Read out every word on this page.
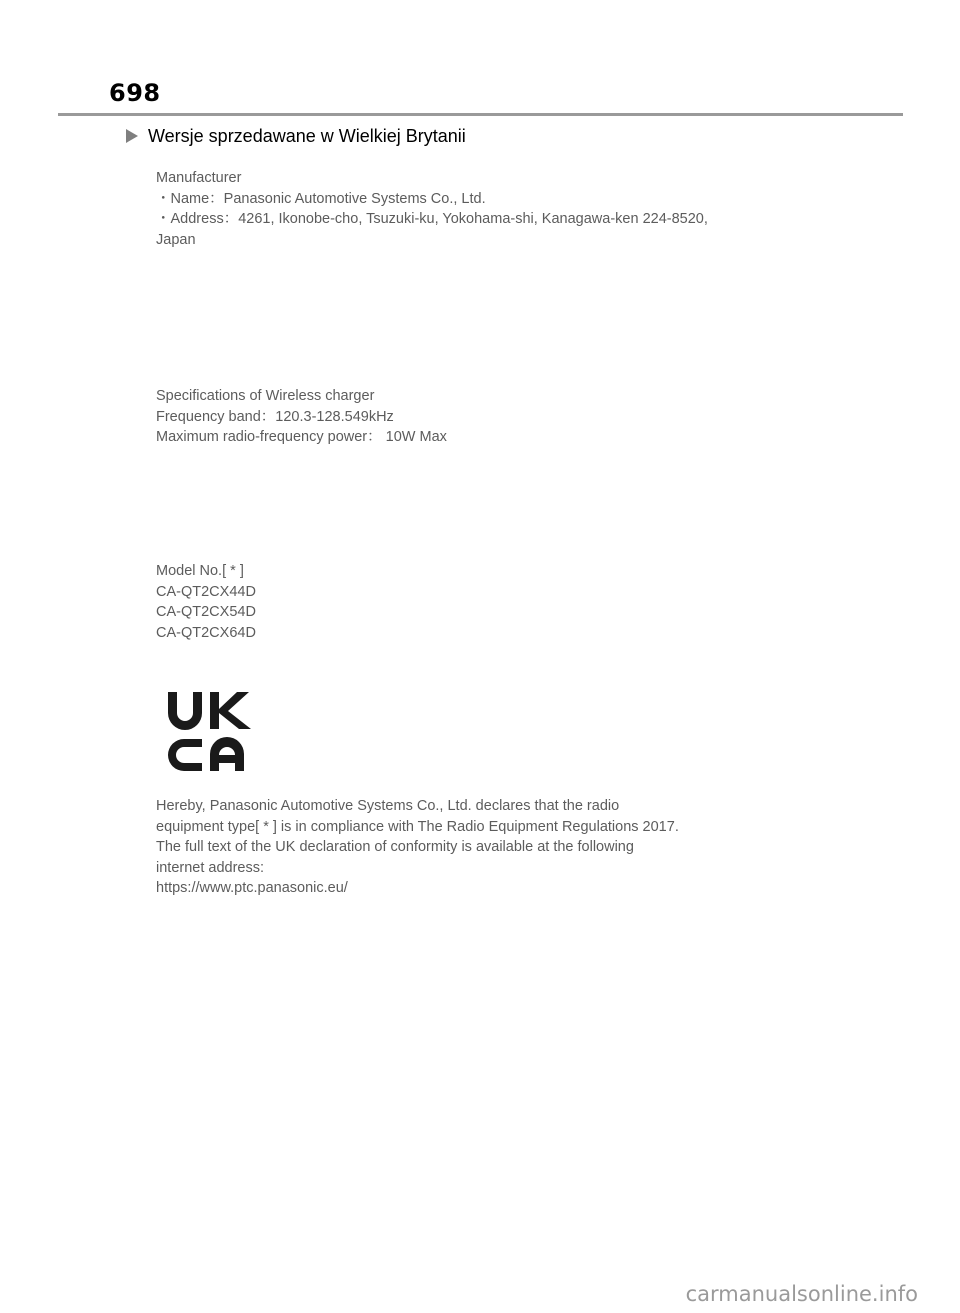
698
Wersje sprzedawane w Wielkiej Brytanii
Manufacturer
・Name：Panasonic Automotive Systems Co., Ltd.
・Address：4261, Ikonobe-cho, Tsuzuki-ku, Yokohama-shi, Kanagawa-ken 224-8520,
Japan
Specifications of Wireless charger
Frequency band：120.3-128.549kHz
Maximum radio-frequency power： 10W Max
Model No.[ * ]
CA-QT2CX44D
CA-QT2CX54D
CA-QT2CX64D
Hereby, Panasonic Automotive Systems Co., Ltd. declares that the radio
equipment type[ * ] is in compliance with The Radio Equipment Regulations 2017.
The full text of the UK declaration of conformity is available at the following
internet address:
https://www.ptc.panasonic.eu/
carmanualsonline.info
